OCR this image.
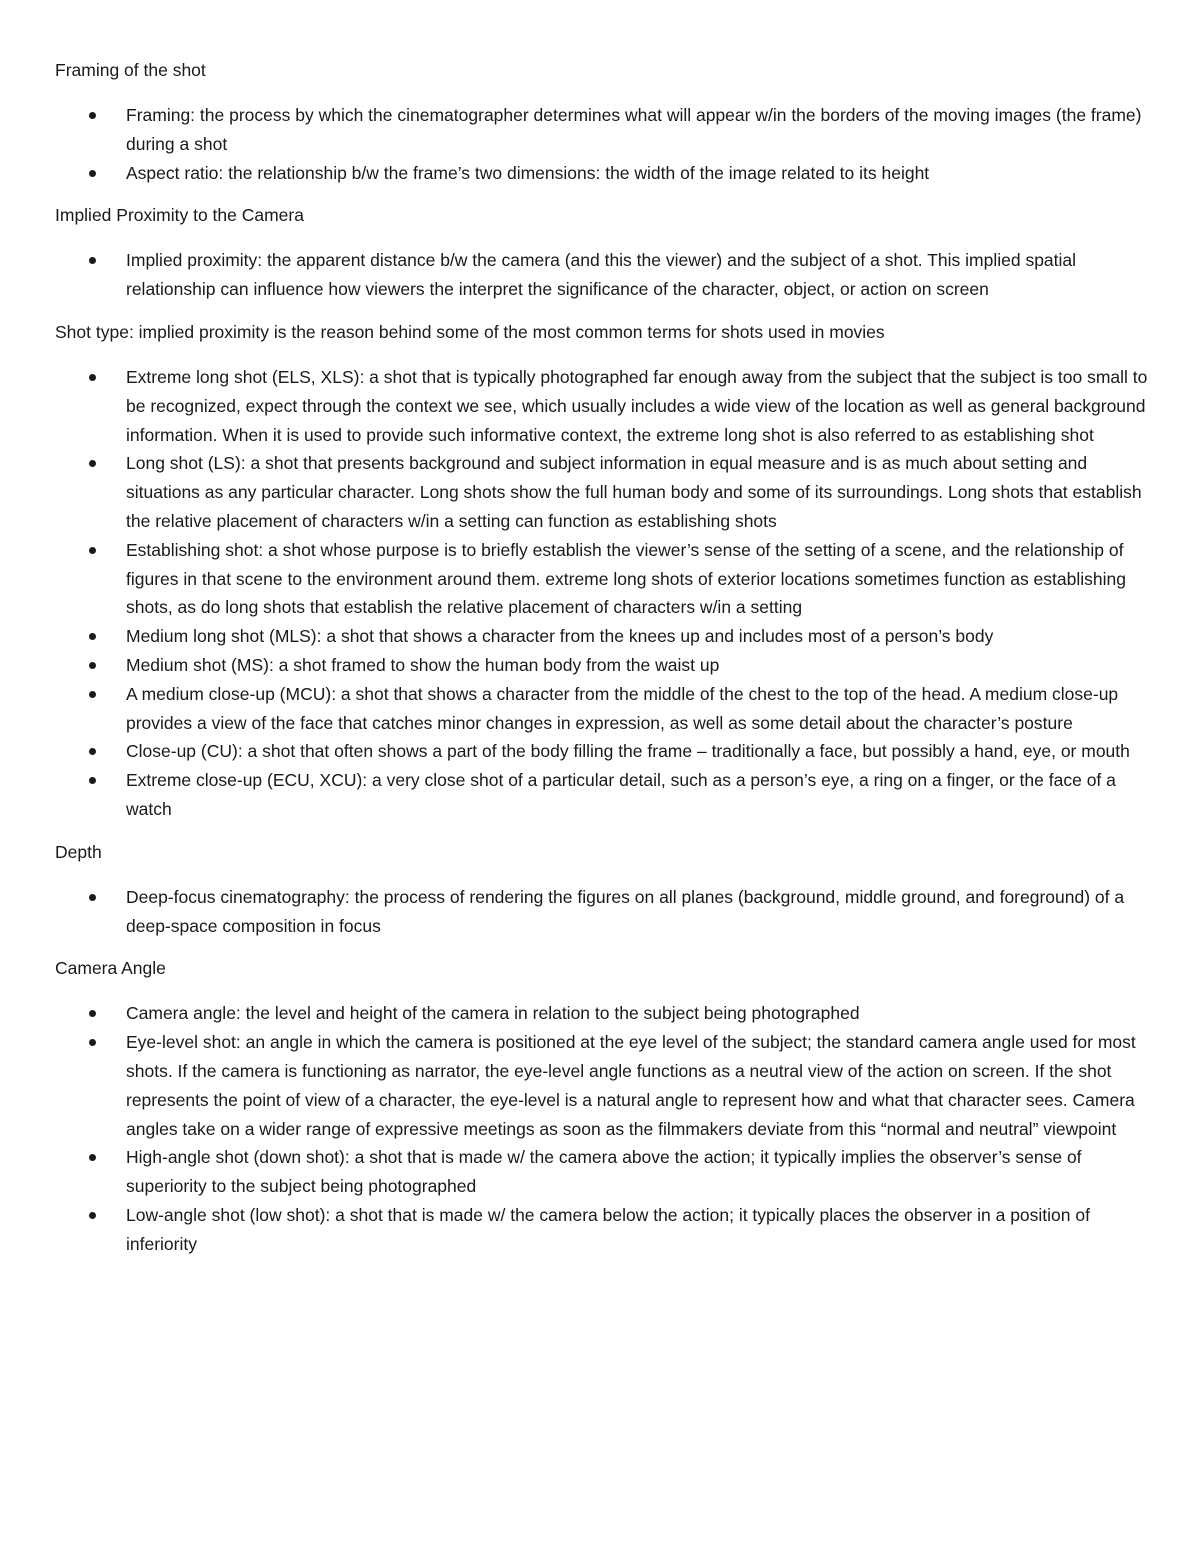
Framing of the shot

Framing: the process by which the cinematographer determines what will appear w/in the borders of the moving images (the frame) during a shot
Aspect ratio: the relationship b/w the frame’s two dimensions: the width of the image related to its height

Implied Proximity to the Camera

Implied proximity: the apparent distance b/w the camera (and this the viewer) and the subject of a shot. This implied spatial relationship can influence how viewers the interpret the significance of the character, object, or action on screen

Shot type: implied proximity is the reason behind some of the most common terms for shots used in movies

Extreme long shot (ELS, XLS): a shot that is typically photographed far enough away from the subject that the subject is too small to be recognized, expect through the context we see, which usually includes a wide view of the location as well as general background information. When it is used to provide such informative context, the extreme long shot is also referred to as establishing shot
Long shot (LS): a shot that presents background and subject information in equal measure and is as much about setting and situations as any particular character. Long shots show the full human body and some of its surroundings. Long shots that establish the relative placement of characters w/in a setting can function as establishing shots
Establishing shot: a shot whose purpose is to briefly establish the viewer’s sense of the setting of a scene, and the relationship of figures in that scene to the environment around them. extreme long shots of exterior locations sometimes function as establishing shots, as do long shots that establish the relative placement of characters w/in a setting
Medium long shot (MLS): a shot that shows a character from the knees up and includes most of a person’s body
Medium shot (MS): a shot framed to show the human body from the waist up
A medium close-up (MCU): a shot that shows a character from the middle of the chest to the top of the head. A medium close-up provides a view of the face that catches minor changes in expression, as well as some detail about the character’s posture
Close-up (CU): a shot that often shows a part of the body filling the frame – traditionally a face, but possibly a hand, eye, or mouth
Extreme close-up (ECU, XCU): a very close shot of a particular detail, such as a person’s eye, a ring on a finger, or the face of a watch

Depth

Deep-focus cinematography: the process of rendering the figures on all planes (background, middle ground, and foreground) of a deep-space composition in focus

Camera Angle

Camera angle: the level and height of the camera in relation to the subject being photographed
Eye-level shot: an angle in which the camera is positioned at the eye level of the subject; the standard camera angle used for most shots. If the camera is functioning as narrator, the eye-level angle functions as a neutral view of the action on screen. If the shot represents the point of view of a character, the eye-level is a natural angle to represent how and what that character sees. Camera angles take on a wider range of expressive meetings as soon as the filmmakers deviate from this “normal and neutral” viewpoint
High-angle shot (down shot): a shot that is made w/ the camera above the action; it typically implies the observer’s sense of superiority to the subject being photographed
Low-angle shot (low shot): a shot that is made w/ the camera below the action; it typically places the observer in a position of inferiority
